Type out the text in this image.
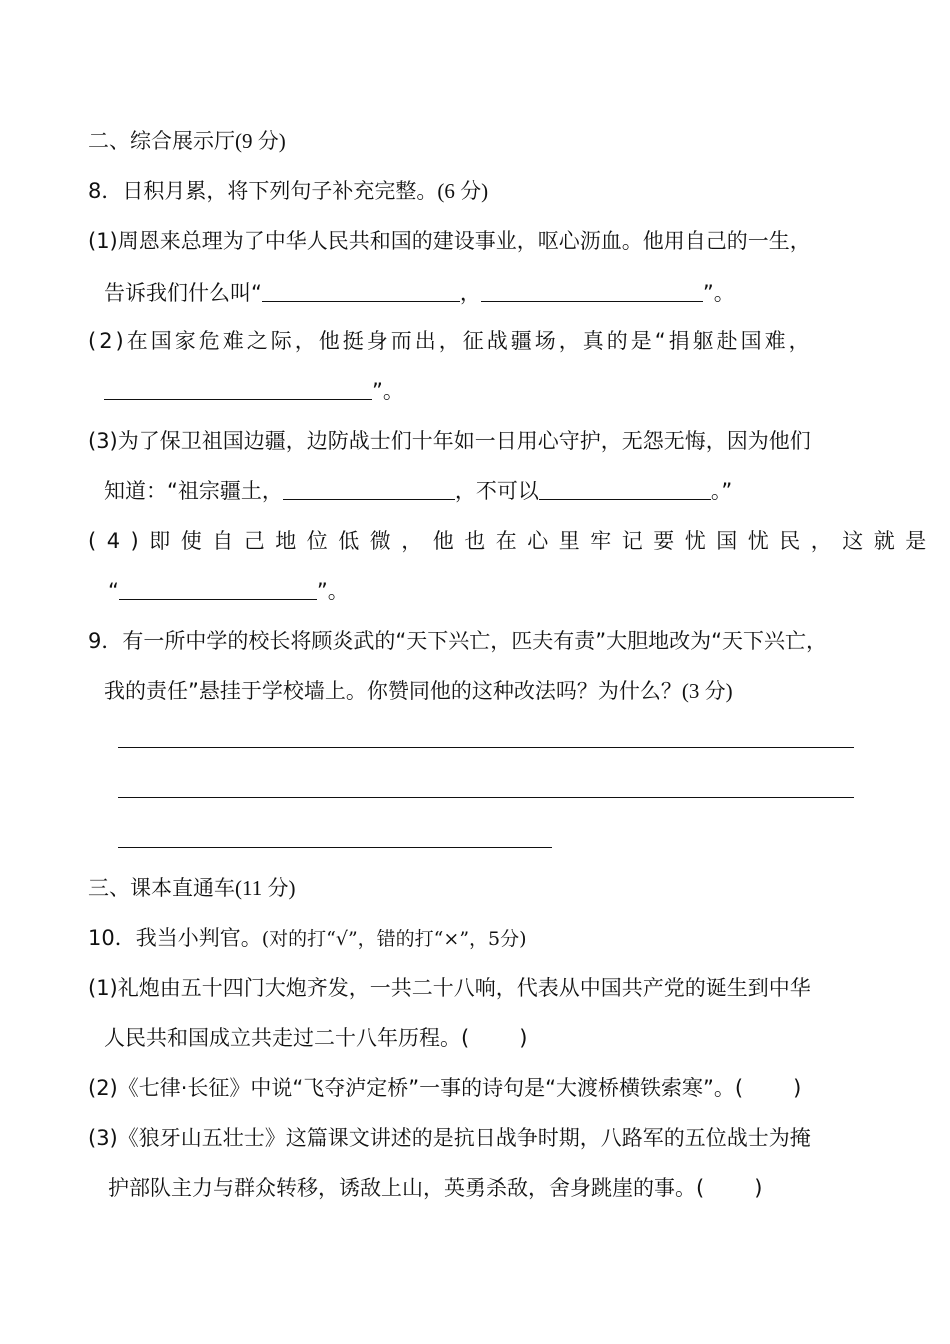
二、综合展示厅(9 分)
8．日积月累，将下列句子补充完整。(6 分)
(1)周恩来总理为了中华人民共和国的建设事业，呕心沥血。他用自己的一生，
告诉我们什么叫“	，	”。
(2)在国家危难之际，他挺身而出，征战疆场，真的是“捐躯赴国难，
”。
(3)为了保卫祖国边疆，边防战士们十年如一日用心守护，无怨无悔，因为他们
知道：“祖宗疆土，	，不可以	。”
(4)即使自己地位低微，他也在心里牢记要忧国忧民，这就是
“	”。
9．有一所中学的校长将顾炎武的“天下兴亡，匹夫有责”大胆地改为“天下兴亡，
我的责任”悬挂于学校墙上。你赞同他的这种改法吗？为什么？(3 分)
三、课本直通车(11 分)
10．我当小判官。(对的打“√”，错的打“×”，5分)
(1)礼炮由五十四门大炮齐发，一共二十八响，代表从中国共产党的诞生到中华
人民共和国成立共走过二十八年历程。( )
(2)《七律·长征》中说“飞夺泸定桥”一事的诗句是“大渡桥横铁索寒”。( )
(3)《狼牙山五壮士》这篇课文讲述的是抗日战争时期，八路军的五位战士为掩
护部队主力与群众转移，诱敌上山，英勇杀敌，舍身跳崖的事。( )
